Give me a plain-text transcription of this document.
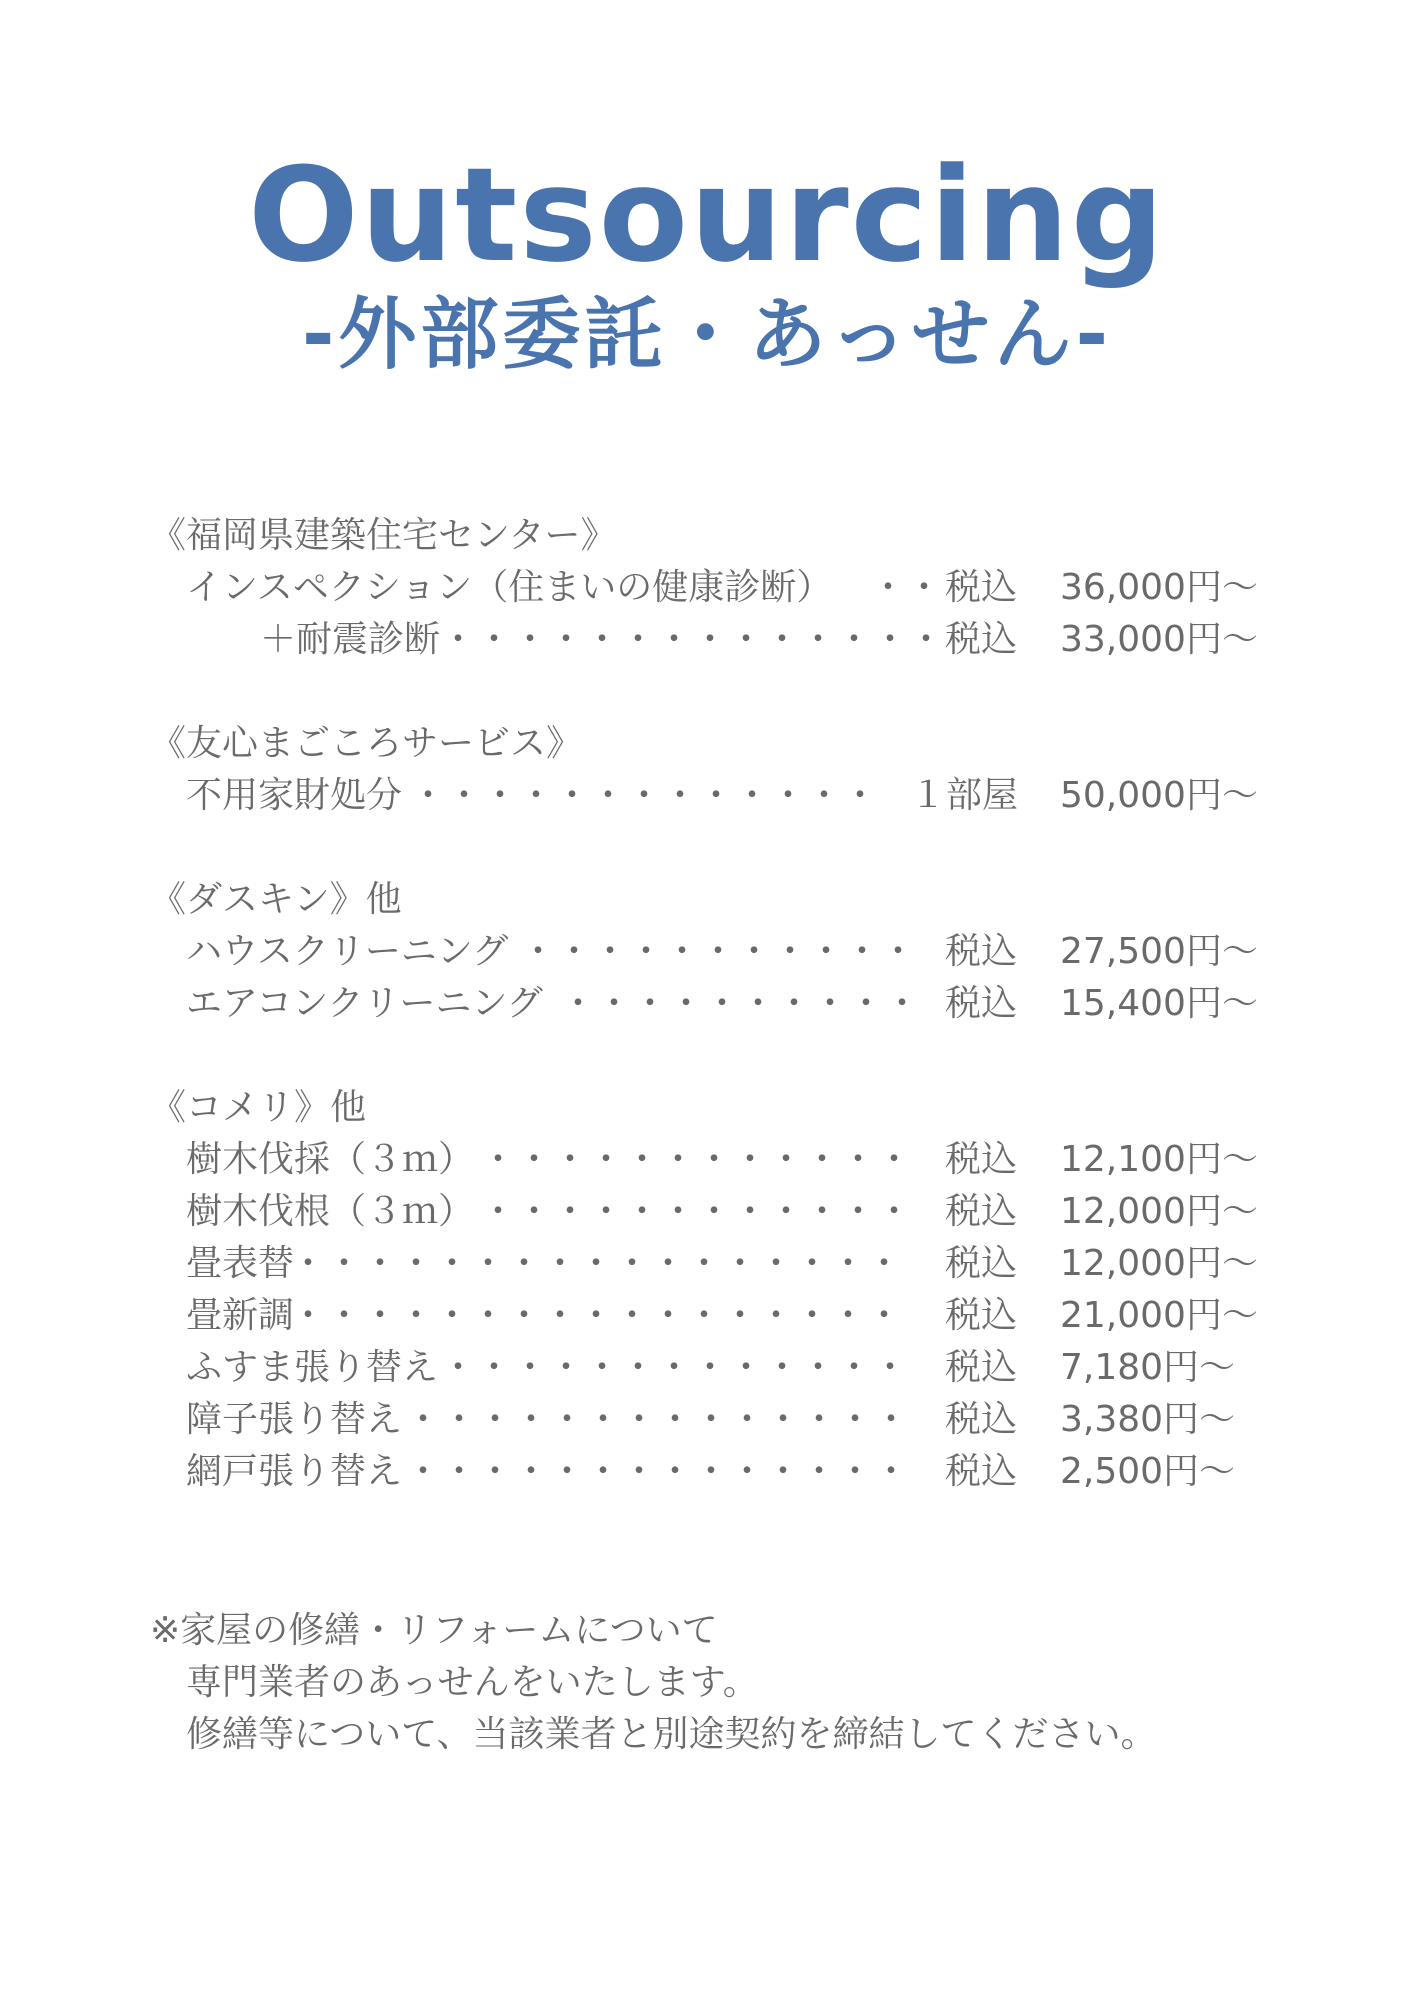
Outsourcing
-外部委託・あっせん-
《福岡県建築住宅センター》
インスペクション（住まいの健康診断） ・・ 税込 36,000円〜
＋耐震診断 ・・・・・・・・・・・・・・ 税込 33,000円〜
《友心まごころサービス》
不用家財処分 ・・・・・・・・・・・・・ １部屋 50,000円〜
《ダスキン》他
ハウスクリーニング ・・・・・・・・・・・ 税込 27,500円〜
エアコンクリーニング ・・・・・・・・・・ 税込 15,400円〜
《コメリ》他
樹木伐採（３ｍ） ・・・・・・・・・・・・ 税込 12,100円〜
樹木伐根（３ｍ） ・・・・・・・・・・・・ 税込 12,000円〜
畳表替
・・・・・・・・・・・・・・・・・ 税込 12,000円〜
畳新調
・・・・・・・・・・・・・・・・・ 税込 21,000円〜
ふすま張り替え ・・・・・・・・・・・・・ 税込 7,180円〜
障子張り替え ・・・・・・・・・・・・・・ 税込 3,380円〜
網戸張り替え ・・・・・・・・・・・・・・ 税込 2,500円〜
※家屋の修繕・リフォームについて
専門業者のあっせんをいたします。
修繕等について、当該業者と別途契約を締結してください。
